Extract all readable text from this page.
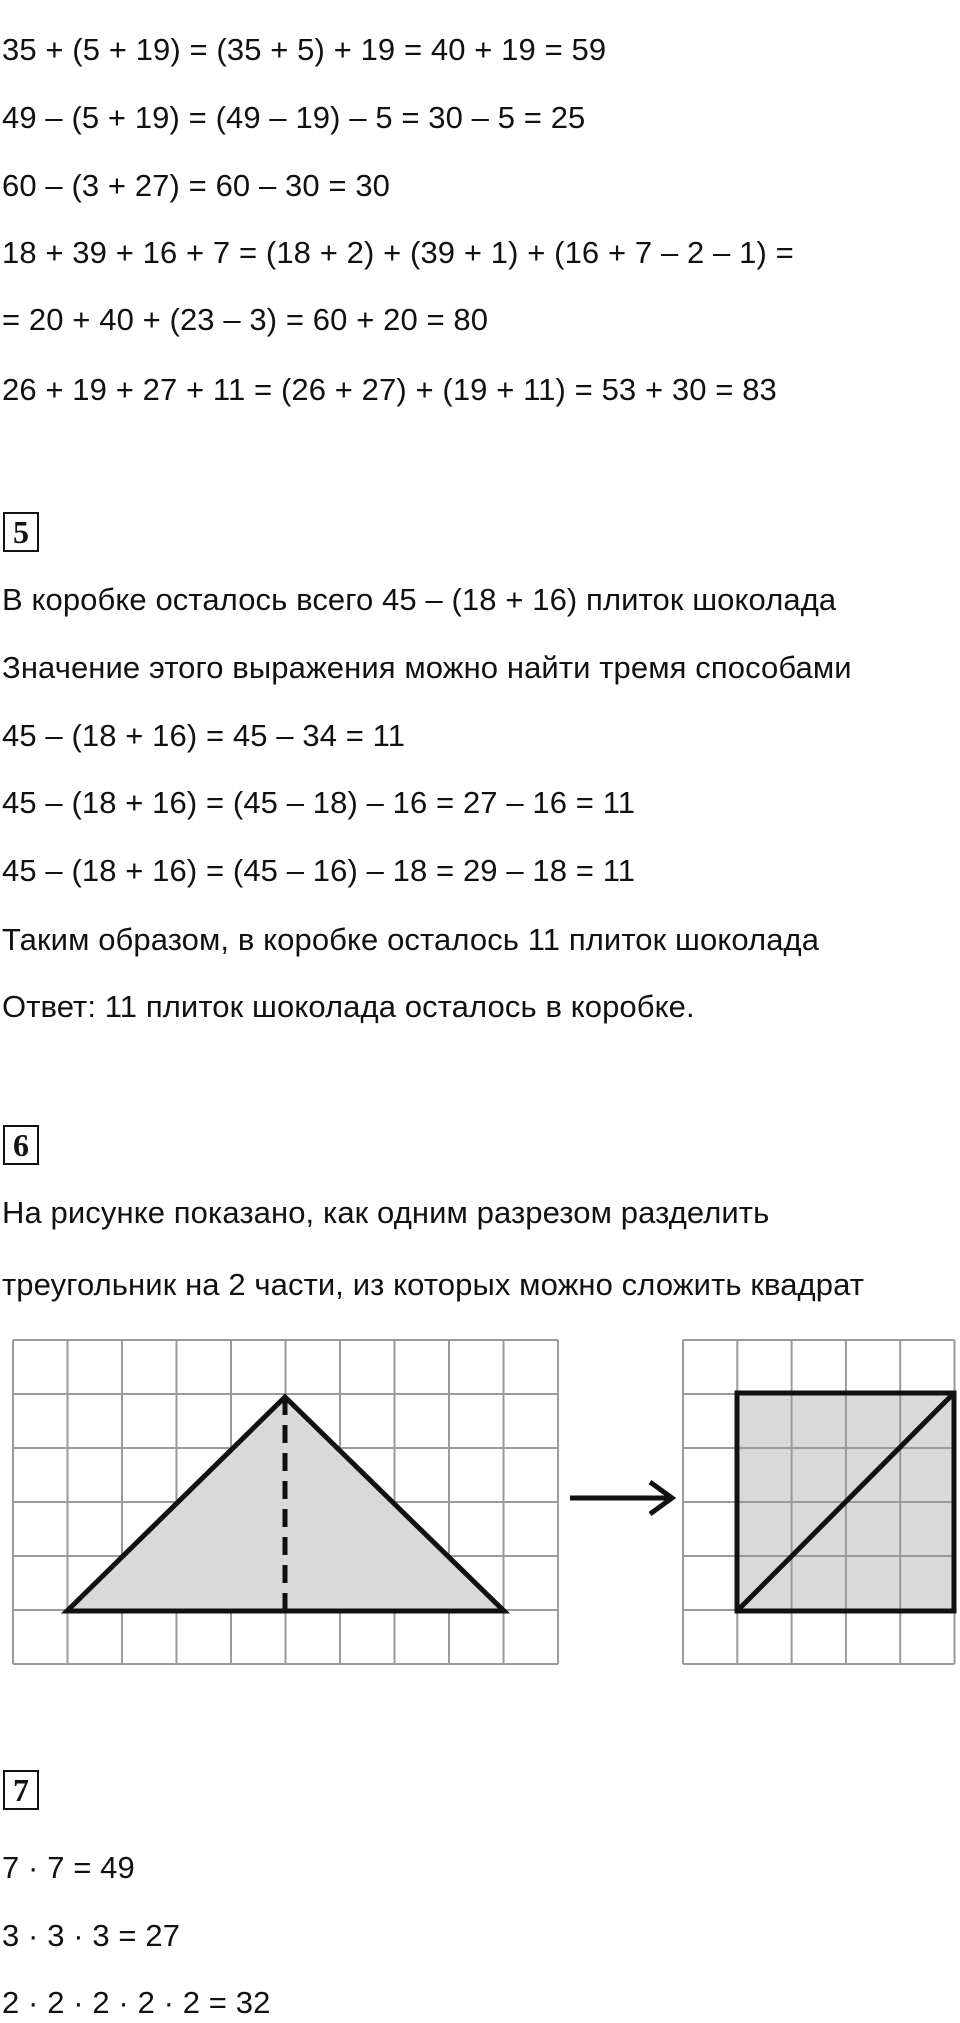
35 + (5 + 19) = (35 + 5) + 19 = 40 + 19 = 59
49 – (5 + 19) = (49 – 19) – 5 = 30 – 5 = 25
60 – (3 + 27) = 60 – 30 = 30
18 + 39 + 16 + 7 = (18 + 2) + (39 + 1) + (16 + 7 – 2 – 1) =
= 20 + 40 + (23 – 3) = 60 + 20 = 80
26 + 19 + 27 + 11 = (26 + 27) + (19 + 11) = 53 + 30 = 83
5
В коробке осталось всего 45 – (18 + 16) плиток шоколада
Значение этого выражения можно найти тремя способами
45 – (18 + 16) = 45 – 34 = 11
45 – (18 + 16) = (45 – 18) – 16 = 27 – 16 = 11
45 – (18 + 16) = (45 – 16) – 18 = 29 – 18 = 11
Таким образом, в коробке осталось 11 плиток шоколада
Ответ: 11 плиток шоколада осталось в коробке.
6
На рисунке показано, как одним разрезом разделить
треугольник на 2 части, из которых можно сложить квадрат
7
7 · 7 = 49
3 · 3 · 3 = 27
2 · 2 · 2 · 2 · 2 = 32
